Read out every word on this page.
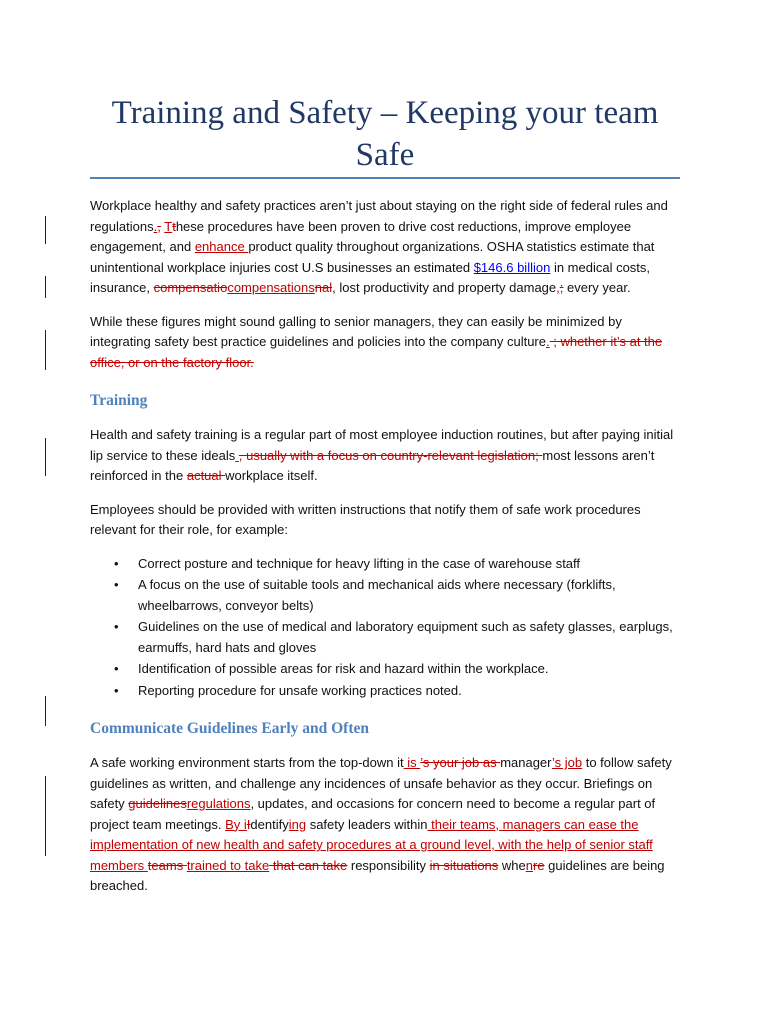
Training and Safety – Keeping your team Safe

Workplace healthy and safety practices aren’t just about staying on the right side of federal rules and regulations., Tthese procedures have been proven to drive cost reductions, improve employee engagement, and enhance product quality throughout organizations. OSHA statistics estimate that unintentional workplace injuries cost U.S businesses an estimated $146.6 billion in medical costs, insurance, compensatiocompensationsnal, lost productivity and property damage,; every year.

While these figures might sound galling to senior managers, they can easily be minimized by integrating safety best practice guidelines and policies into the company culture. ; whether it’s at the office, or on the factory floor.

Training

Health and safety training is a regular part of most employee induction routines, but after paying initial lip service to these ideals , usually with a focus on country-relevant legislation; most lessons aren’t reinforced in the actual workplace itself.

Employees should be provided with written instructions that notify them of safe work procedures relevant for their role, for example:

• Correct posture and technique for heavy lifting in the case of warehouse staff
• A focus on the use of suitable tools and mechanical aids where necessary (forklifts, wheelbarrows, conveyor belts)
• Guidelines on the use of medical and laboratory equipment such as safety glasses, earplugs, earmuffs, hard hats and gloves
• Identification of possible areas for risk and hazard within the workplace.
• Reporting procedure for unsafe working practices noted.
Communicate Guidelines Early and Often

A safe working environment starts from the top-down it is ’s your job as manager’s job to follow safety guidelines as written, and challenge any incidences of unsafe behavior as they occur. Briefings on safety guidelinesregulations, updates, and occasions for concern need to become a regular part of project team meetings. By iIdentifying safety leaders within their teams, managers can ease the implementation of new health and safety procedures at a ground level, with the help of senior staff members teams trained to take that can take responsibility in situations whenre guidelines are being breached.
